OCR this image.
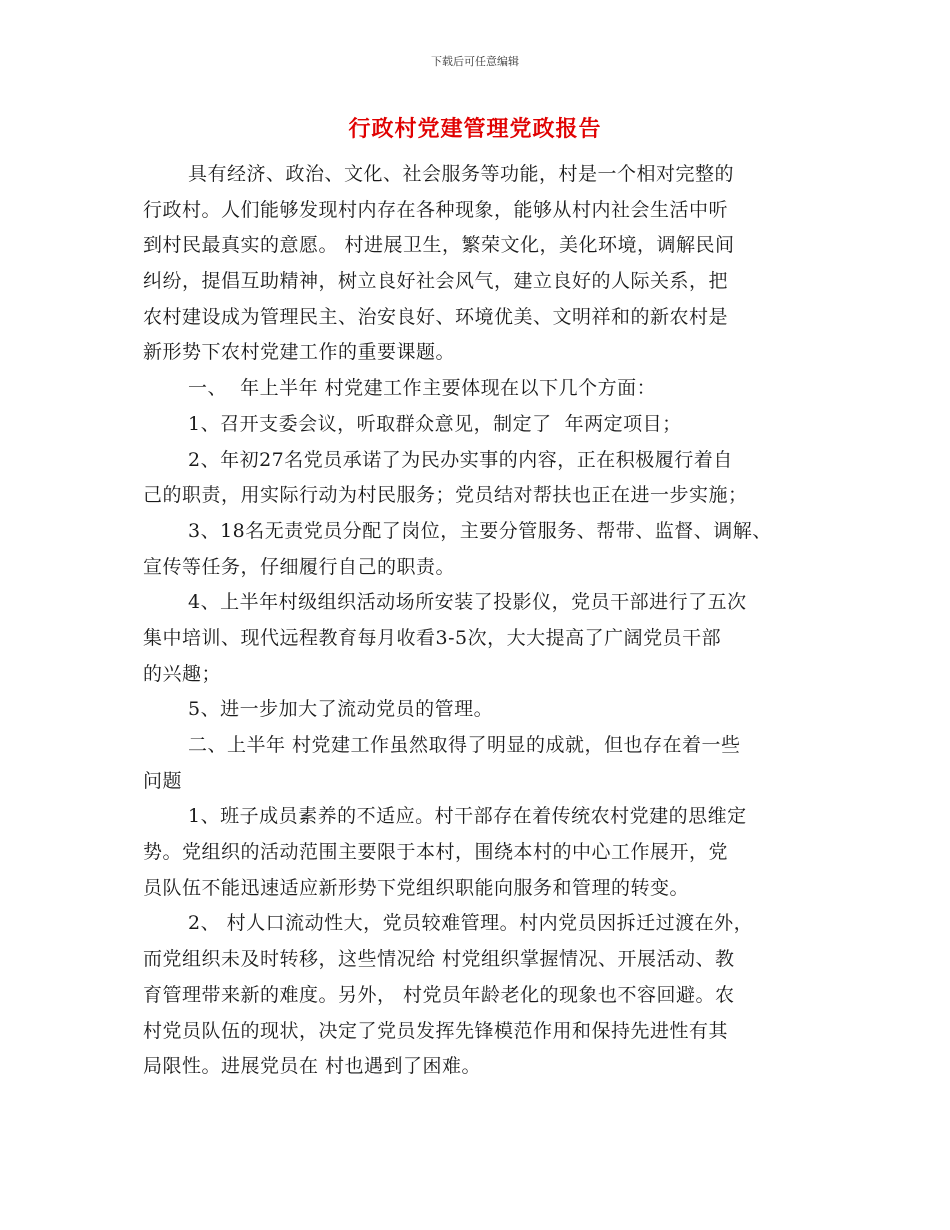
下载后可任意编辑
行政村党建管理党政报告
具有经济、政治、文化、社会服务等功能，村是一个相对完整的
行政村。人们能够发现村内存在各种现象，能够从村内社会生活中听
到村民最真实的意愿。 村进展卫生，繁荣文化，美化环境，调解民间
纠纷，提倡互助精神，树立良好社会风气，建立良好的人际关系，把
农村建设成为管理民主、治安良好、环境优美、文明祥和的新农村是
新形势下农村党建工作的重要课题。
一、  年上半年 村党建工作主要体现在以下几个方面：
1、召开支委会议，听取群众意见，制定了  年两定项目；
2、年初27名党员承诺了为民办实事的内容，正在积极履行着自
己的职责，用实际行动为村民服务；党员结对帮扶也正在进一步实施；
3、18名无责党员分配了岗位，主要分管服务、帮带、监督、调解、
宣传等任务，仔细履行自己的职责。
4、上半年村级组织活动场所安装了投影仪，党员干部进行了五次
集中培训、现代远程教育每月收看3-5次，大大提高了广阔党员干部
的兴趣；
5、进一步加大了流动党员的管理。
二、上半年 村党建工作虽然取得了明显的成就，但也存在着一些
问题
1、班子成员素养的不适应。村干部存在着传统农村党建的思维定
势。党组织的活动范围主要限于本村，围绕本村的中心工作展开，党
员队伍不能迅速适应新形势下党组织职能向服务和管理的转变。
2、 村人口流动性大，党员较难管理。村内党员因拆迁过渡在外，
而党组织未及时转移，这些情况给 村党组织掌握情况、开展活动、教
育管理带来新的难度。另外， 村党员年龄老化的现象也不容回避。农
村党员队伍的现状，决定了党员发挥先锋模范作用和保持先进性有其
局限性。进展党员在 村也遇到了困难。
